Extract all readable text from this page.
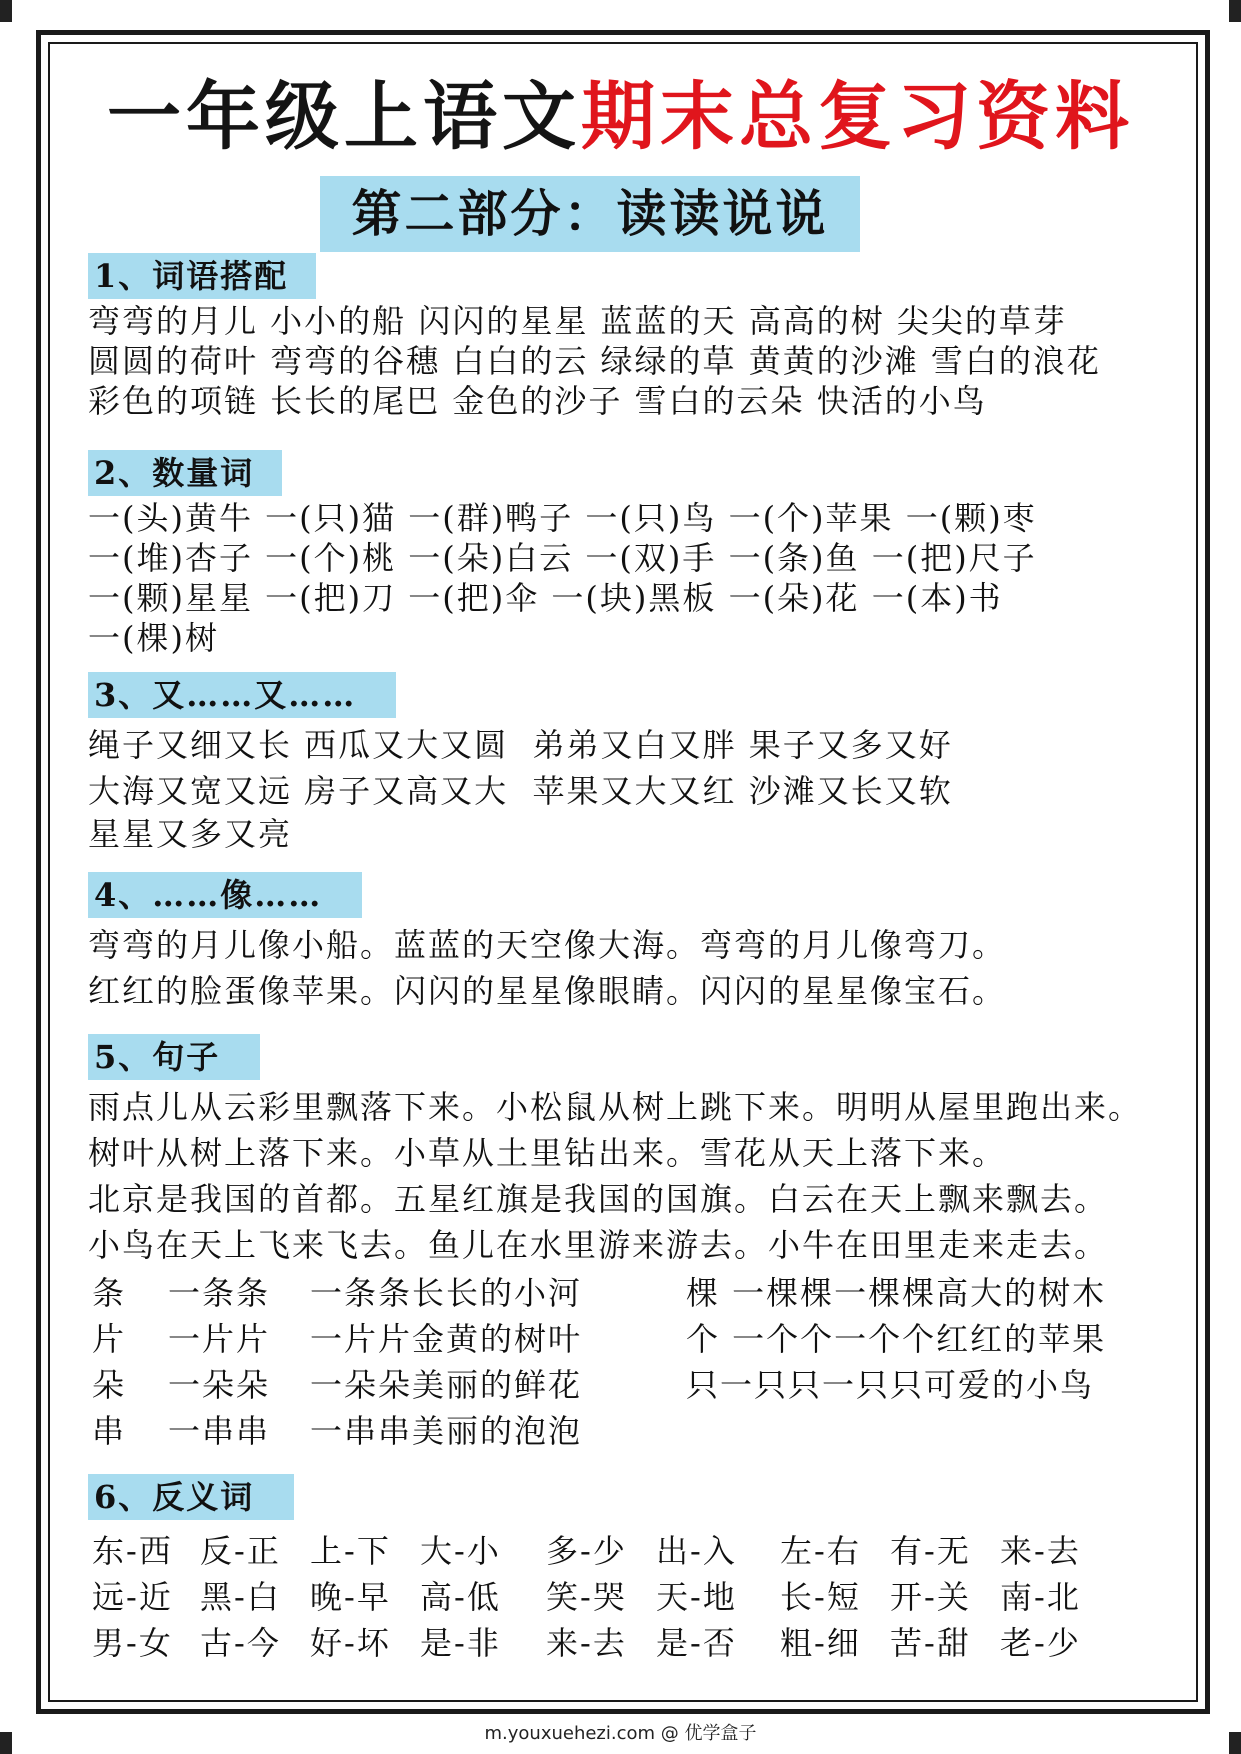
一年级上语文期末总复习资料
第二部分：读读说说
1、词语搭配
弯弯的月儿 小小的船 闪闪的星星 蓝蓝的天 高高的树 尖尖的草芽
圆圆的荷叶 弯弯的谷穗 白白的云 绿绿的草 黄黄的沙滩 雪白的浪花
彩色的项链 长长的尾巴 金色的沙子 雪白的云朵 快活的小鸟
2、数量词
一(头)黄牛 一(只)猫 一(群)鸭子 一(只)鸟 一(个)苹果 一(颗)枣
一(堆)杏子 一(个)桃 一(朵)白云 一(双)手 一(条)鱼 一(把)尺子
一(颗)星星 一(把)刀 一(把)伞 一(块)黑板 一(朵)花 一(本)书
一(棵)树
3、又……又……
绳子又细又长 西瓜又大又圆  弟弟又白又胖 果子又多又好
大海又宽又远 房子又高又大  苹果又大又红 沙滩又长又软
星星又多又亮
4、……像……
弯弯的月儿像小船。蓝蓝的天空像大海。弯弯的月儿像弯刀。
红红的脸蛋像苹果。闪闪的星星像眼睛。闪闪的星星像宝石。
5、句子
雨点儿从云彩里飘落下来。小松鼠从树上跳下来。明明从屋里跑出来。
树叶从树上落下来。小草从土里钻出来。雪花从天上落下来。
北京是我国的首都。五星红旗是我国的国旗。白云在天上飘来飘去。
小鸟在天上飞来飞去。鱼儿在水里游来游去。小牛在田里走来走去。
条 一条条 一条条长长的小河	棵 一棵棵一棵棵高大的树木
片 一片片 一片片金黄的树叶	个 一个个一个个红红的苹果
朵 一朵朵 一朵朵美丽的鲜花	只一只只一只只可爱的小鸟
串 一串串 一串串美丽的泡泡
6、反义词
东-西 反-正 上-下 大-小 多-少 出-入 左-右 有-无 来-去
远-近 黑-白 晚-早 高-低 笑-哭 天-地 长-短 开-关 南-北
男-女 古-今 好-坏 是-非 来-去 是-否 粗-细 苦-甜 老-少
m.youxuehezi.com @ 优学盒子
